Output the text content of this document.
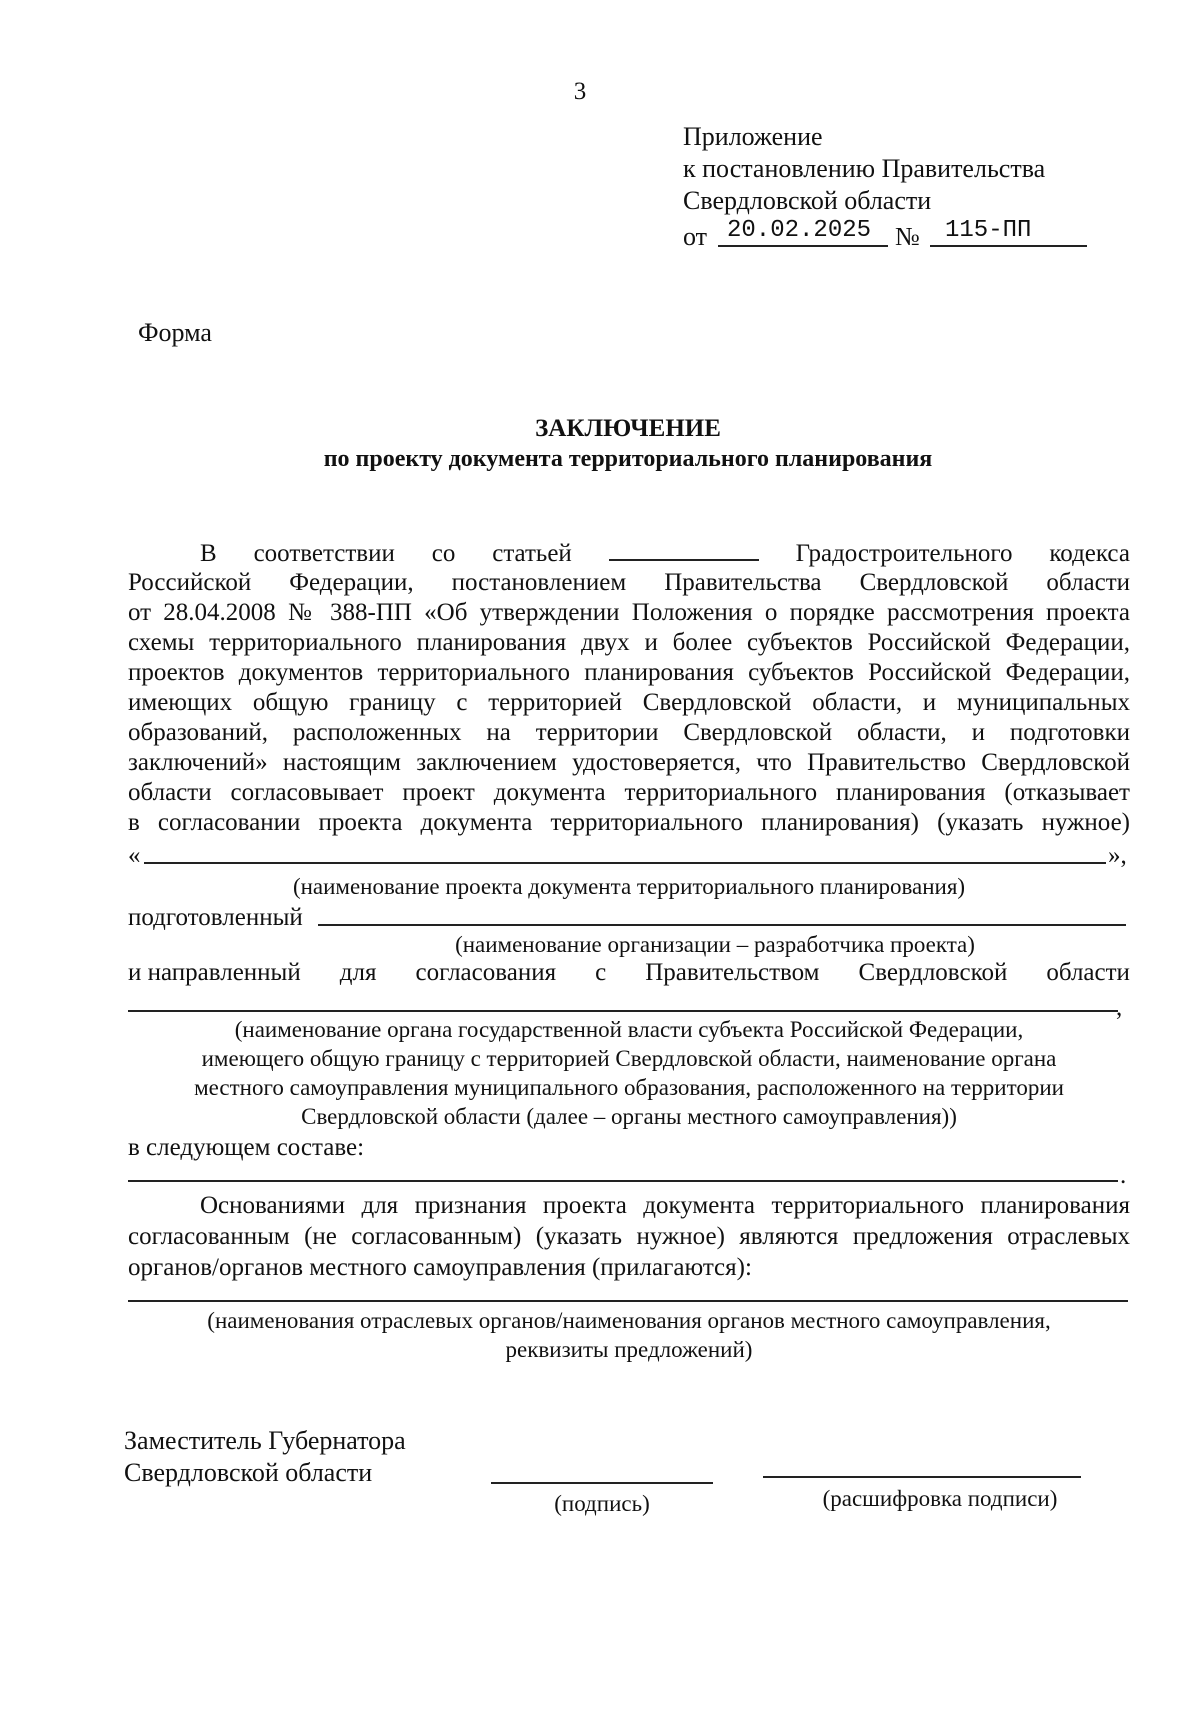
3
Приложение
к постановлению Правительства
Свердловской области
от 20.02.2025 № 115-ПП
Форма
ЗАКЛЮЧЕНИЕ
по проекту документа территориального планирования
В соответствии со статьей	Градостроительного кодекса
Российской Федерации, постановлением Правительства Свердловской области
от 28.04.2008 № 388-ПП «Об утверждении Положения о порядке рассмотрения проекта
схемы территориального планирования двух и более субъектов Российской Федерации,
проектов документов территориального планирования субъектов Российской Федерации,
имеющих общую границу с территорией Свердловской области, и муниципальных
образований, расположенных на территории Свердловской области, и подготовки
заключений» настоящим заключением удостоверяется, что Правительство Свердловской
области согласовывает проект документа территориального планирования (отказывает
в согласовании проекта документа территориального планирования) (указать нужное)
«	»,
(наименование проекта документа территориального планирования)
подготовленный
(наименование организации – разработчика проекта)
и направленный для согласования с Правительством Свердловской области
,
(наименование органа государственной власти субъекта Российской Федерации,
имеющего общую границу с территорией Свердловской области, наименование органа
местного самоуправления муниципального образования, расположенного на территории
Свердловской области (далее – органы местного самоуправления))
в следующем составе:
.
Основаниями для признания проекта документа территориального планирования
согласованным (не согласованным) (указать нужное) являются предложения отраслевых
органов/органов местного самоуправления (прилагаются):
(наименования отраслевых органов/наименования органов местного самоуправления,
реквизиты предложений)
Заместитель Губернатора
Свердловской области
(подпись)	(расшифровка подписи)
